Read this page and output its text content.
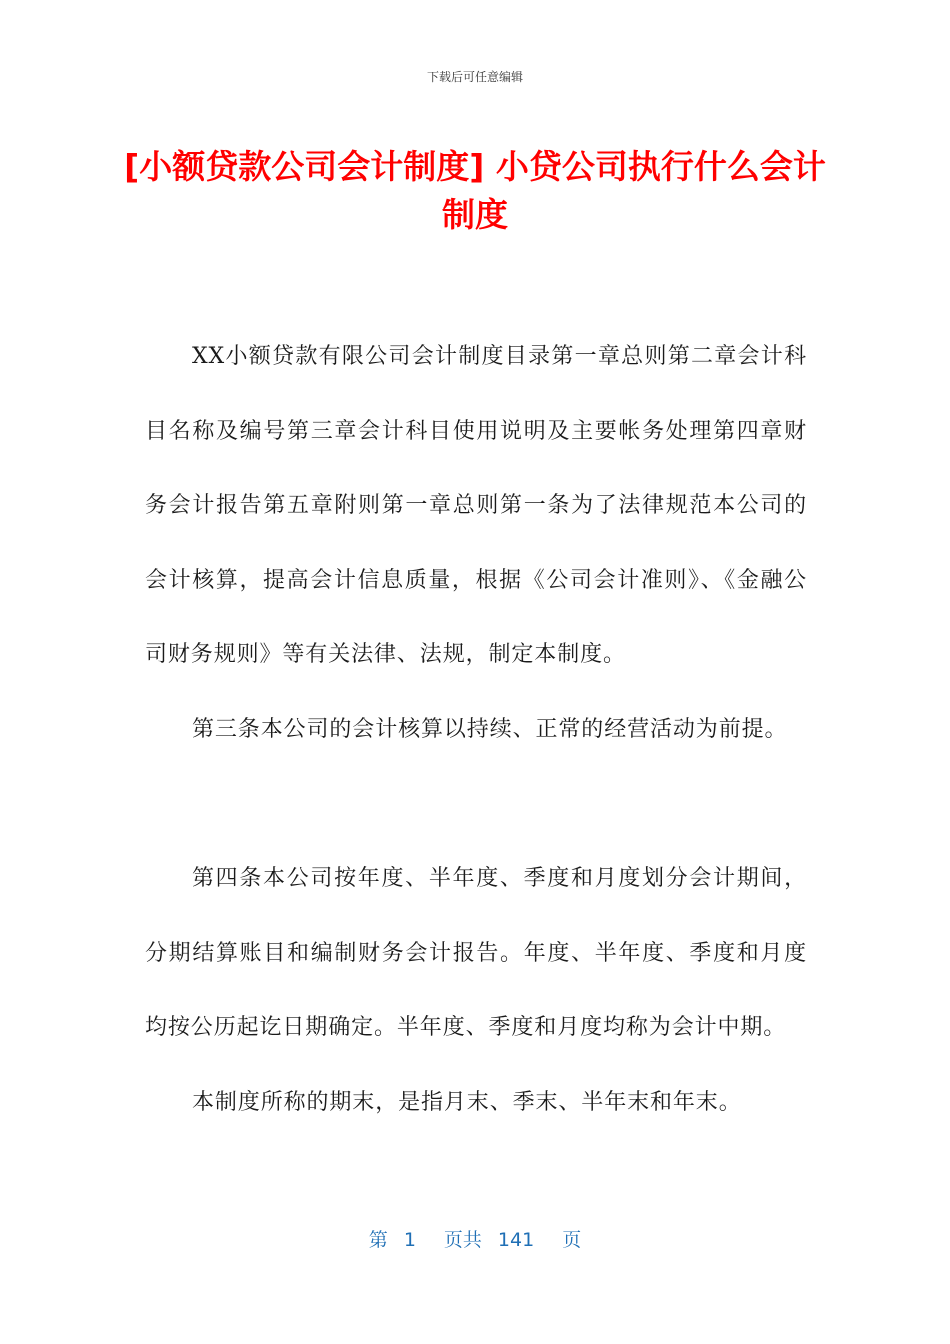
下载后可任意编辑
[小额贷款公司会计制度] 小贷公司执行什么会计制度

XX小额贷款有限公司会计制度目录第一章总则第二章会计科目名称及编号第三章会计科目使用说明及主要帐务处理第四章财务会计报告第五章附则第一章总则第一条为了法律规范本公司的会计核算，提高会计信息质量，根据《公司会计准则》、《金融公司财务规则》等有关法律、法规，制定本制度。

第三条本公司的会计核算以持续、正常的经营活动为前提。

第四条本公司按年度、半年度、季度和月度划分会计期间，分期结算账目和编制财务会计报告。年度、半年度、季度和月度均按公历起讫日期确定。半年度、季度和月度均称为会计中期。

本制度所称的期末，是指月末、季末、半年末和年末。

第 1 页共 141 页
